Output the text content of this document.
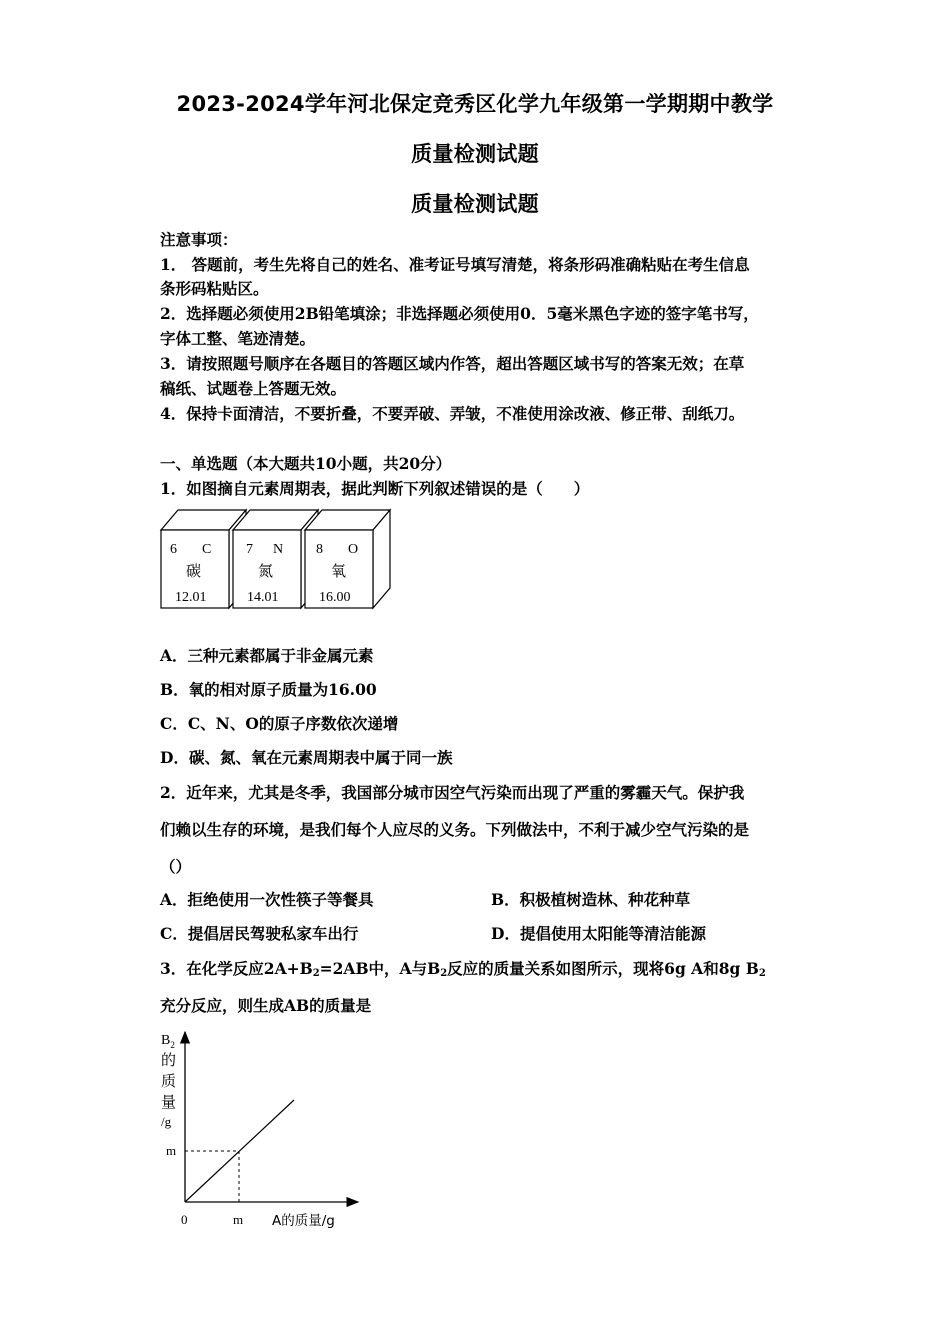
2023-2024学年河北保定竞秀区化学九年级第一学期期中教学
质量检测试题
质量检测试题
注意事项：
1． 答题前，考生先将自己的姓名、准考证号填写清楚，将条形码准确粘贴在考生信息
条形码粘贴区。
2．选择题必须使用2B铅笔填涂；非选择题必须使用0．5毫米黑色字迹的签字笔书写，
字体工整、笔迹清楚。
3．请按照题号顺序在各题目的答题区域内作答，超出答题区域书写的答案无效；在草
稿纸、试题卷上答题无效。
4．保持卡面清洁，不要折叠，不要弄破、弄皱，不准使用涂改液、修正带、刮纸刀。
一、单选题（本大题共10小题，共20分）
1．如图摘自元素周期表，据此判断下列叙述错误的是（　　）
6 C
碳
12.01
7 N
氮
14.01
8 O
氧
16.00
A．三种元素都属于非金属元素
B．氧的相对原子质量为16.00
C．C、N、O的原子序数依次递增
D．碳、氮、氧在元素周期表中属于同一族
2．近年来，尤其是冬季，我国部分城市因空气污染而出现了严重的雾霾天气。保护我
们赖以生存的环境，是我们每个人应尽的义务。下列做法中，不利于减少空气污染的是
（）
A．拒绝使用一次性筷子等餐具	B．积极植树造林、种花种草
C．提倡居民驾驶私家车出行	D．提倡使用太阳能等清洁能源
3．在化学反应$2A+B_2=2AB$中，A与$B_2$反应的质量关系如图所示，现将6g A和8g $B_2$
充分反应，则生成AB的质量是
$B_2$
的
质
量
/g
m
0	m A的质量/g
